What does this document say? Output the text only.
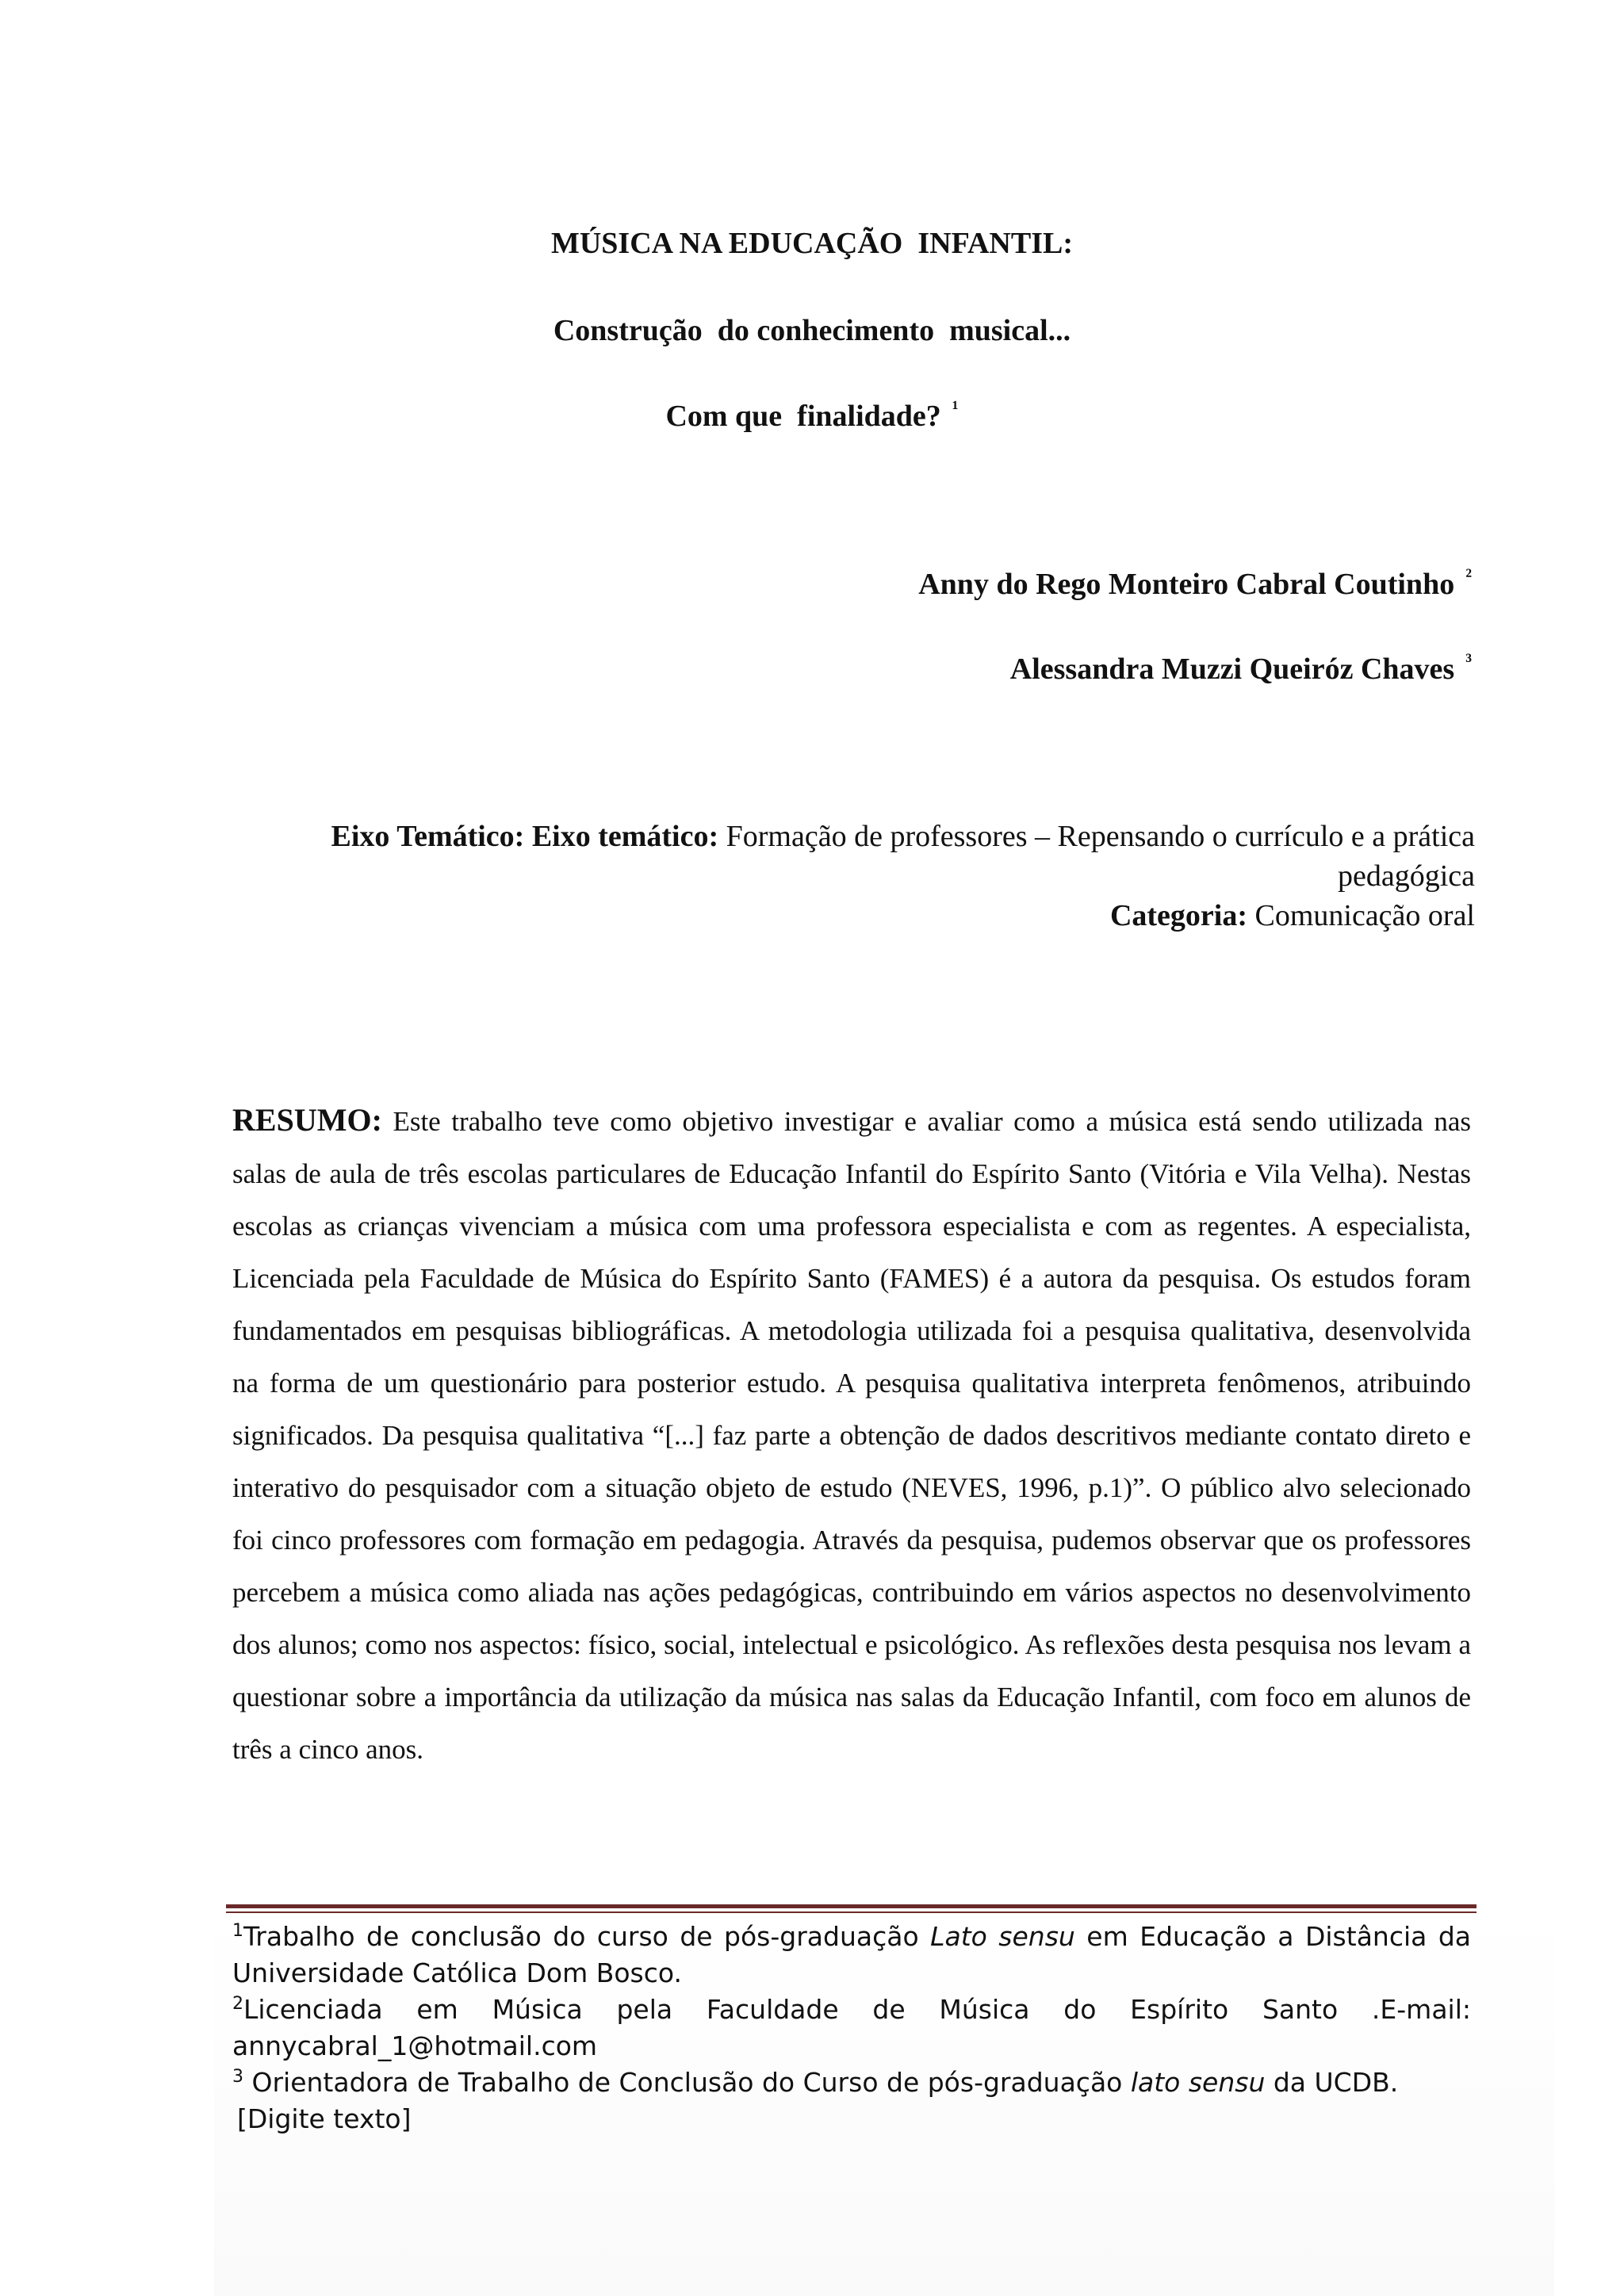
MÚSICA NA EDUCAÇÃO  INFANTIL:
Construção  do conhecimento  musical...
Com que  finalidade? $^{^1}$
Anny do Rego Monteiro Cabral Coutinho $^{^2}$
Alessandra Muzzi Queiróz Chaves $^{^3}$
Eixo Temático: Eixo temático: Formação de professores – Repensando o currículo e a prática pedagógica
Categoria: Comunicação oral
RESUMO: Este trabalho teve como objetivo investigar e avaliar como a música está sendo utilizada nas salas de aula de três escolas particulares de Educação Infantil do Espírito Santo (Vitória e Vila Velha). Nestas escolas as crianças vivenciam a música com uma professora especialista e com as regentes. A especialista, Licenciada pela Faculdade de Música do Espírito Santo (FAMES) é a autora da pesquisa. Os estudos foram fundamentados em pesquisas bibliográficas. A metodologia utilizada foi a pesquisa qualitativa, desenvolvida na forma de um questionário para posterior estudo. A pesquisa qualitativa interpreta fenômenos, atribuindo significados. Da pesquisa qualitativa “[...] faz parte a obtenção de dados descritivos mediante contato direto e interativo do pesquisador com a situação objeto de estudo (NEVES, 1996, p.1)”. O público alvo selecionado foi cinco professores com formação em pedagogia. Através da pesquisa, pudemos observar que os professores percebem a música como aliada nas ações pedagógicas, contribuindo em vários aspectos no desenvolvimento dos alunos; como nos aspectos: físico, social, intelectual e psicológico. As reflexões desta pesquisa nos levam a questionar sobre a importância da utilização da música nas salas da Educação Infantil, com foco em alunos de três a cinco anos.

$^1$Trabalho de conclusão do curso de pós-graduação Lato sensu em Educação a Distância da Universidade Católica Dom Bosco.

$^2$Licenciada em Música pela Faculdade de Música do Espírito Santo .E-mail: annycabral_1@hotmail.com

$^3$ Orientadora de Trabalho de Conclusão do Curso de pós-graduação lato sensu da UCDB.

[Digite texto]
